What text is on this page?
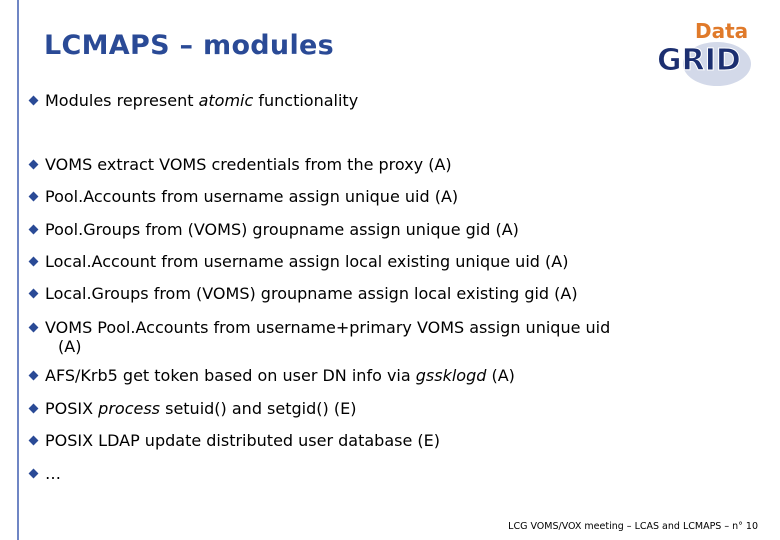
LCMAPS – modules	Data
GRID
Modules represent atomic functionality
VOMS extract VOMS credentials from the proxy (A)
Pool.Accounts from username assign unique uid (A)
Pool.Groups from (VOMS) groupname assign unique gid (A)
Local.Account from username assign local existing unique uid (A)
Local.Groups from (VOMS) groupname assign local existing gid (A)
VOMS Pool.Accounts from username+primary VOMS assign unique uid
(A)
AFS/Krb5 get token based on user DN info via gssklogd (A)
POSIX process setuid() and setgid() (E)
POSIX LDAP update distributed user database (E)
…
LCG VOMS/VOX meeting – LCAS and LCMAPS – n° 10
